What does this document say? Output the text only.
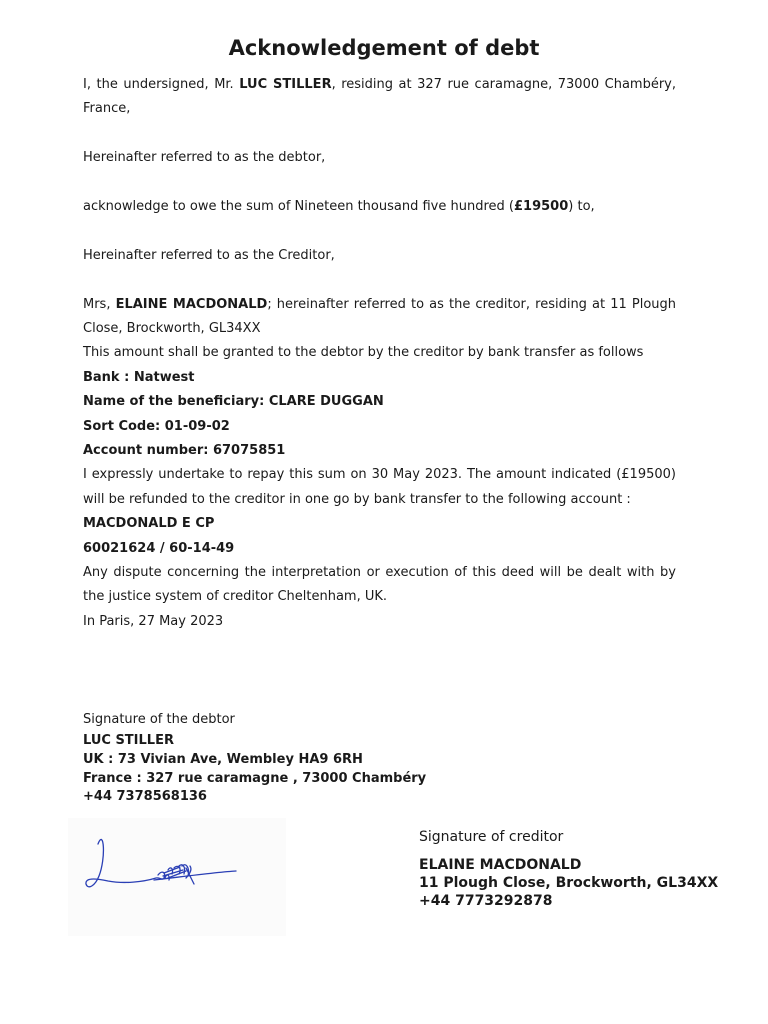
Acknowledgement of debt

I, the undersigned, Mr. LUC STILLER, residing at 327 rue caramagne, 73000 Chambéry, France,

Hereinafter referred to as the debtor,

acknowledge to owe the sum of Nineteen thousand five hundred (£19500) to,

Hereinafter referred to as the Creditor,

Mrs, ELAINE MACDONALD; hereinafter referred to as the creditor, residing at 11 Plough Close, Brockworth, GL34XX

This amount shall be granted to the debtor by the creditor by bank transfer as follows

Bank : Natwest

Name of the beneficiary: CLARE DUGGAN

Sort Code: 01-09-02

Account number: 67075851

I expressly undertake to repay this sum on 30 May 2023. The amount indicated (£19500) will be refunded to the creditor in one go by bank transfer to the following account :

MACDONALD E CP

60021624 / 60-14-49

Any dispute concerning the interpretation or execution of this deed will be dealt with by the justice system of creditor Cheltenham, UK.

In Paris, 27 May 2023

Signature of the debtor

LUC STILLER

UK : 73 Vivian Ave, Wembley HA9 6RH

France : 327 rue caramagne , 73000 Chambéry

+44 7378568136

Signature of creditor

ELAINE MACDONALD

11 Plough Close, Brockworth, GL34XX

+44 7773292878
